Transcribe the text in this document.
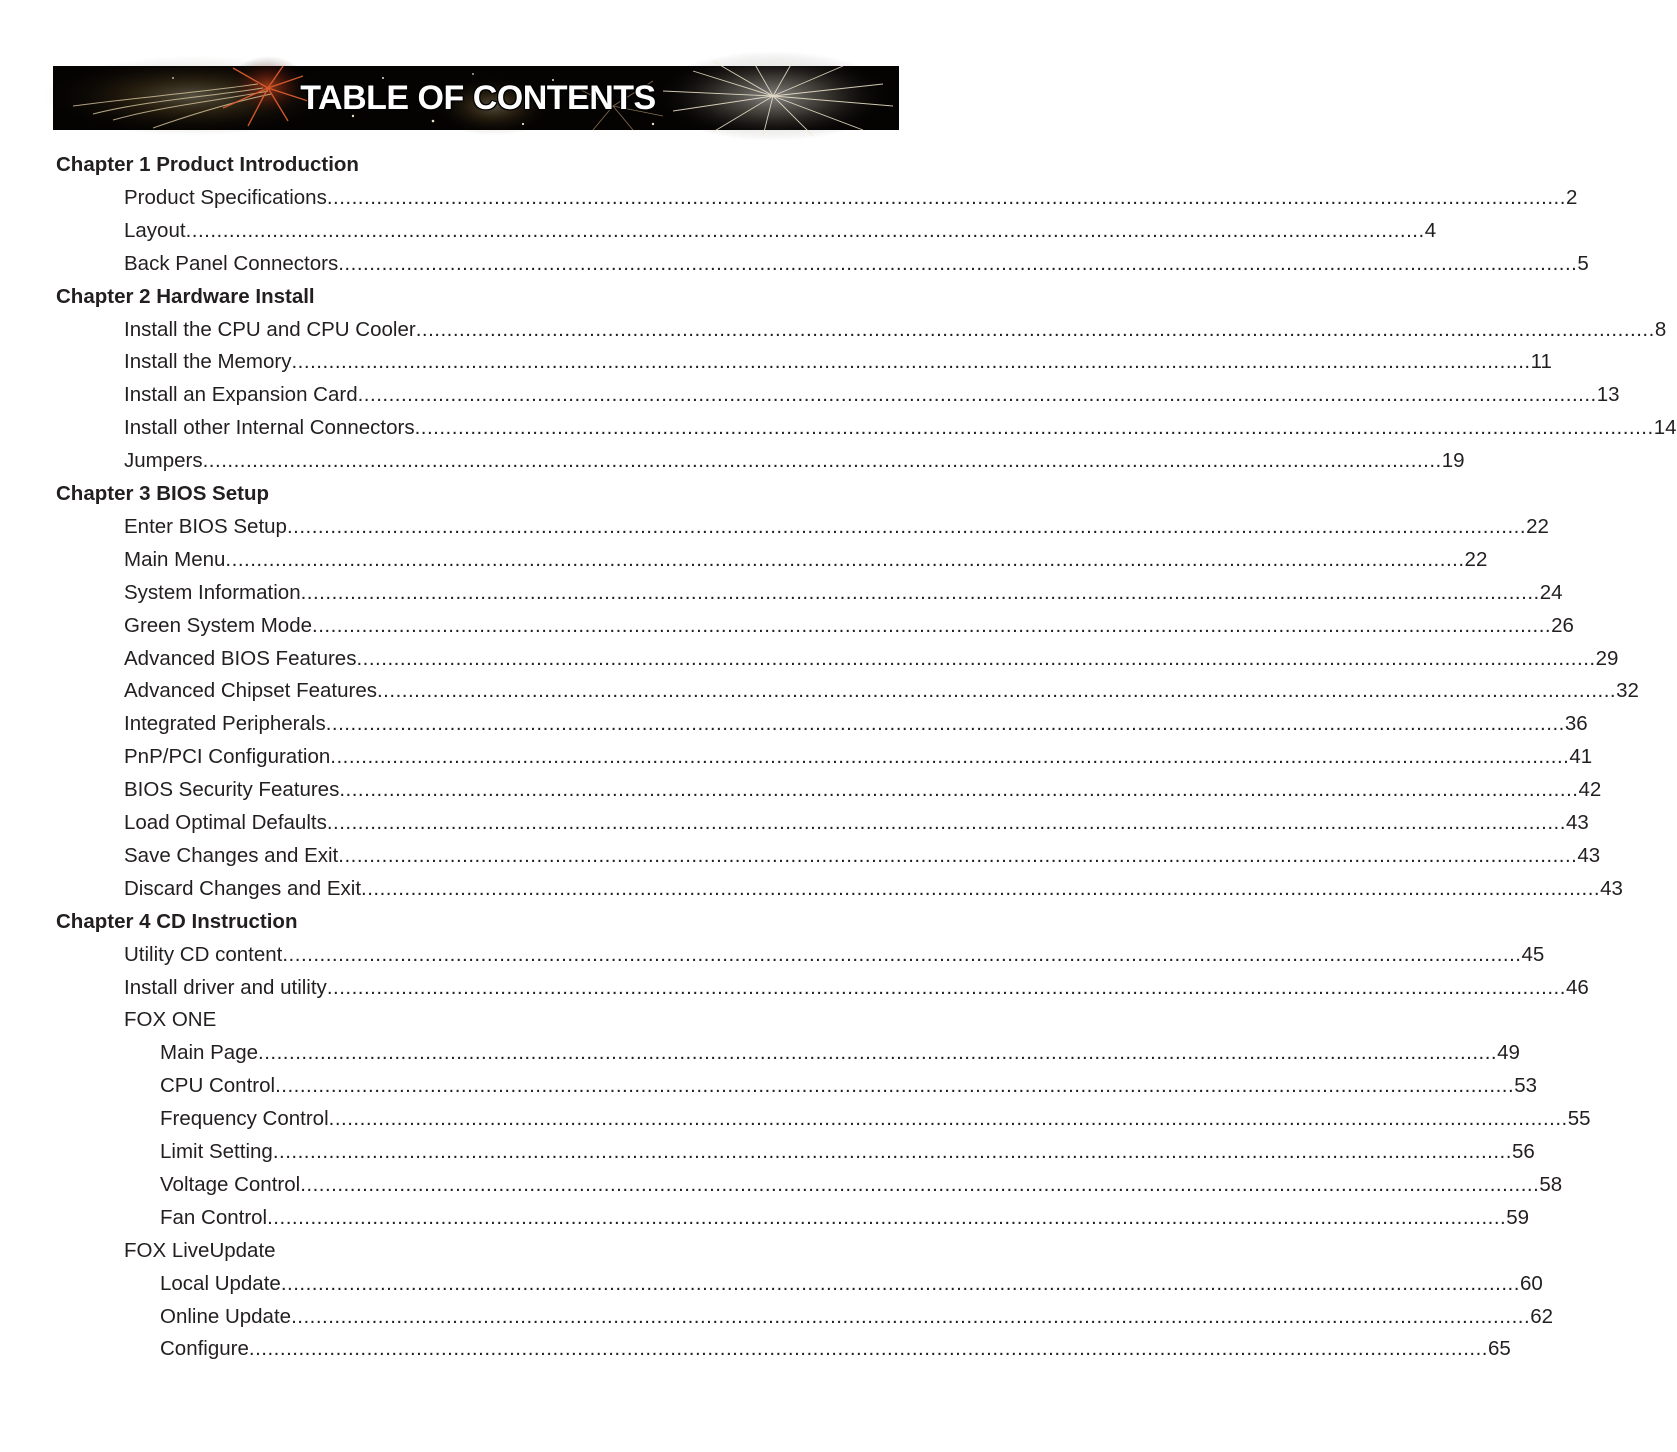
TABLE OF CONTENTS
Chapter 1 Product Introduction
Product Specifications ........................................................................................................................................................................................................ 2
Layout ........................................................................................................................................................................................................ 4
Back Panel Connectors ........................................................................................................................................................................................................ 5
Chapter 2 Hardware Install
Install the CPU and CPU Cooler ........................................................................................................................................................................................................ 8
Install the Memory ........................................................................................................................................................................................................ 11
Install an Expansion Card ........................................................................................................................................................................................................ 13
Install other Internal Connectors ........................................................................................................................................................................................................ 14
Jumpers ........................................................................................................................................................................................................ 19
Chapter 3 BIOS Setup
Enter BIOS Setup ........................................................................................................................................................................................................ 22
Main Menu ........................................................................................................................................................................................................ 22
System Information ........................................................................................................................................................................................................ 24
Green System Mode ........................................................................................................................................................................................................ 26
Advanced BIOS Features ........................................................................................................................................................................................................ 29
Advanced Chipset Features ........................................................................................................................................................................................................ 32
Integrated Peripherals ........................................................................................................................................................................................................ 36
PnP/PCI Configuration ........................................................................................................................................................................................................ 41
BIOS Security Features ........................................................................................................................................................................................................ 42
Load Optimal Defaults ........................................................................................................................................................................................................ 43
Save Changes and Exit ........................................................................................................................................................................................................ 43
Discard Changes and Exit ........................................................................................................................................................................................................ 43
Chapter 4 CD Instruction
Utility CD content ........................................................................................................................................................................................................ 45
Install driver and utility ........................................................................................................................................................................................................ 46
FOX ONE
Main Page ........................................................................................................................................................................................................ 49
CPU Control ........................................................................................................................................................................................................ 53
Frequency Control ........................................................................................................................................................................................................ 55
Limit Setting ........................................................................................................................................................................................................ 56
Voltage Control ........................................................................................................................................................................................................ 58
Fan Control ........................................................................................................................................................................................................ 59
FOX LiveUpdate
Local Update ........................................................................................................................................................................................................ 60
Online Update ........................................................................................................................................................................................................ 62
Configure ........................................................................................................................................................................................................ 65
